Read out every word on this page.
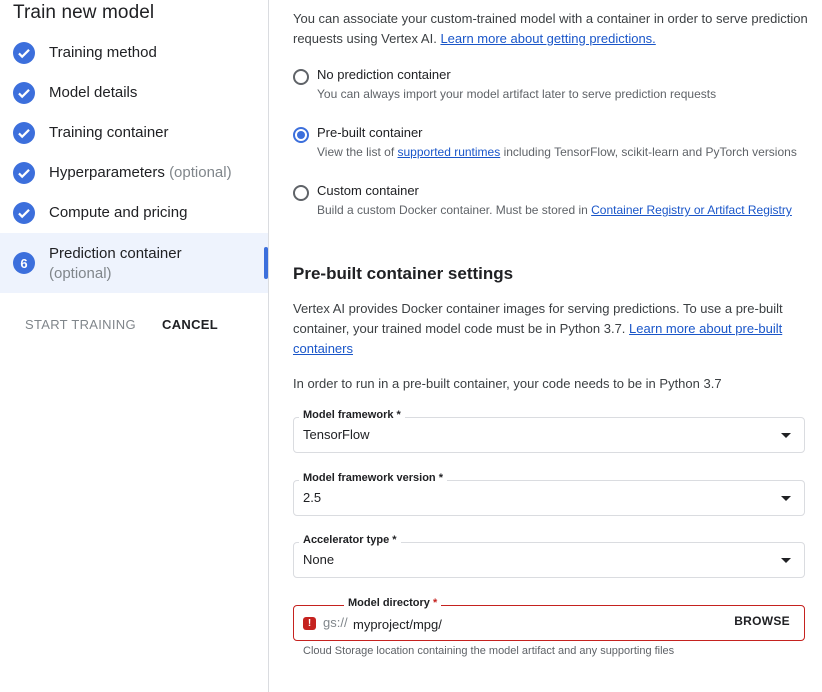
Train new model
Training method
Model details
Training container
Hyperparameters (optional)
Compute and pricing
6
Prediction container
(optional)
START TRAINING CANCEL
You can associate your custom-trained model with a container in order to serve prediction requests using Vertex AI. Learn more about getting predictions.
No prediction container
You can always import your model artifact later to serve prediction requests
Pre-built container
View the list of supported runtimes including TensorFlow, scikit-learn and PyTorch versions
Custom container
Build a custom Docker container. Must be stored in Container Registry or Artifact Registry
Pre-built container settings
Vertex AI provides Docker container images for serving predictions. To use a pre-built container, your trained model code must be in Python 3.7. Learn more about pre-built containers
In order to run in a pre-built container, your code needs to be in Python 3.7
Model framework *
TensorFlow
Model framework version *
2.5
Accelerator type *
None
Model directory *
! gs://
myproject/mpg/	BROWSE
Cloud Storage location containing the model artifact and any supporting files
